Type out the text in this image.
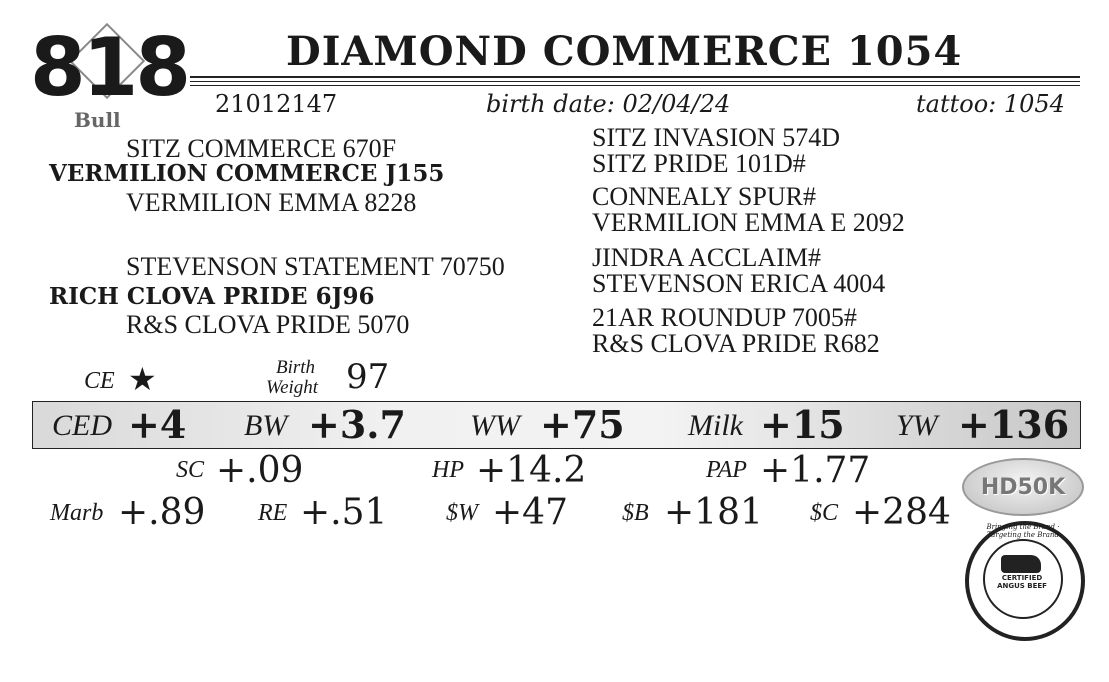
818
Bull
DIAMOND COMMERCE 1054
21012147	birth date: 02/04/24	tattoo: 1054
SITZ COMMERCE 670F
VERMILION COMMERCE J155
VERMILION EMMA 8228
STEVENSON STATEMENT 70750
RICH CLOVA PRIDE 6J96
R&S CLOVA PRIDE 5070
SITZ INVASION 574D
SITZ PRIDE 101D#
CONNEALY SPUR#
VERMILION EMMA E 2092
JINDRA ACCLAIM#
STEVENSON ERICA 4004
21AR ROUNDUP 7005#
R&S CLOVA PRIDE R682
CE ★	Birth
Weight 97
CED +4 BW +3.7 WW +75 Milk +15 YW +136
SC +.09	HP +14.2	PAP +1.77
Marb +.89 RE +.51 $W +47 $B +181 $C +284
HD50K
Bringing the Brand · Targeting the Brand
CERTIFIED ANGUS BEEF
